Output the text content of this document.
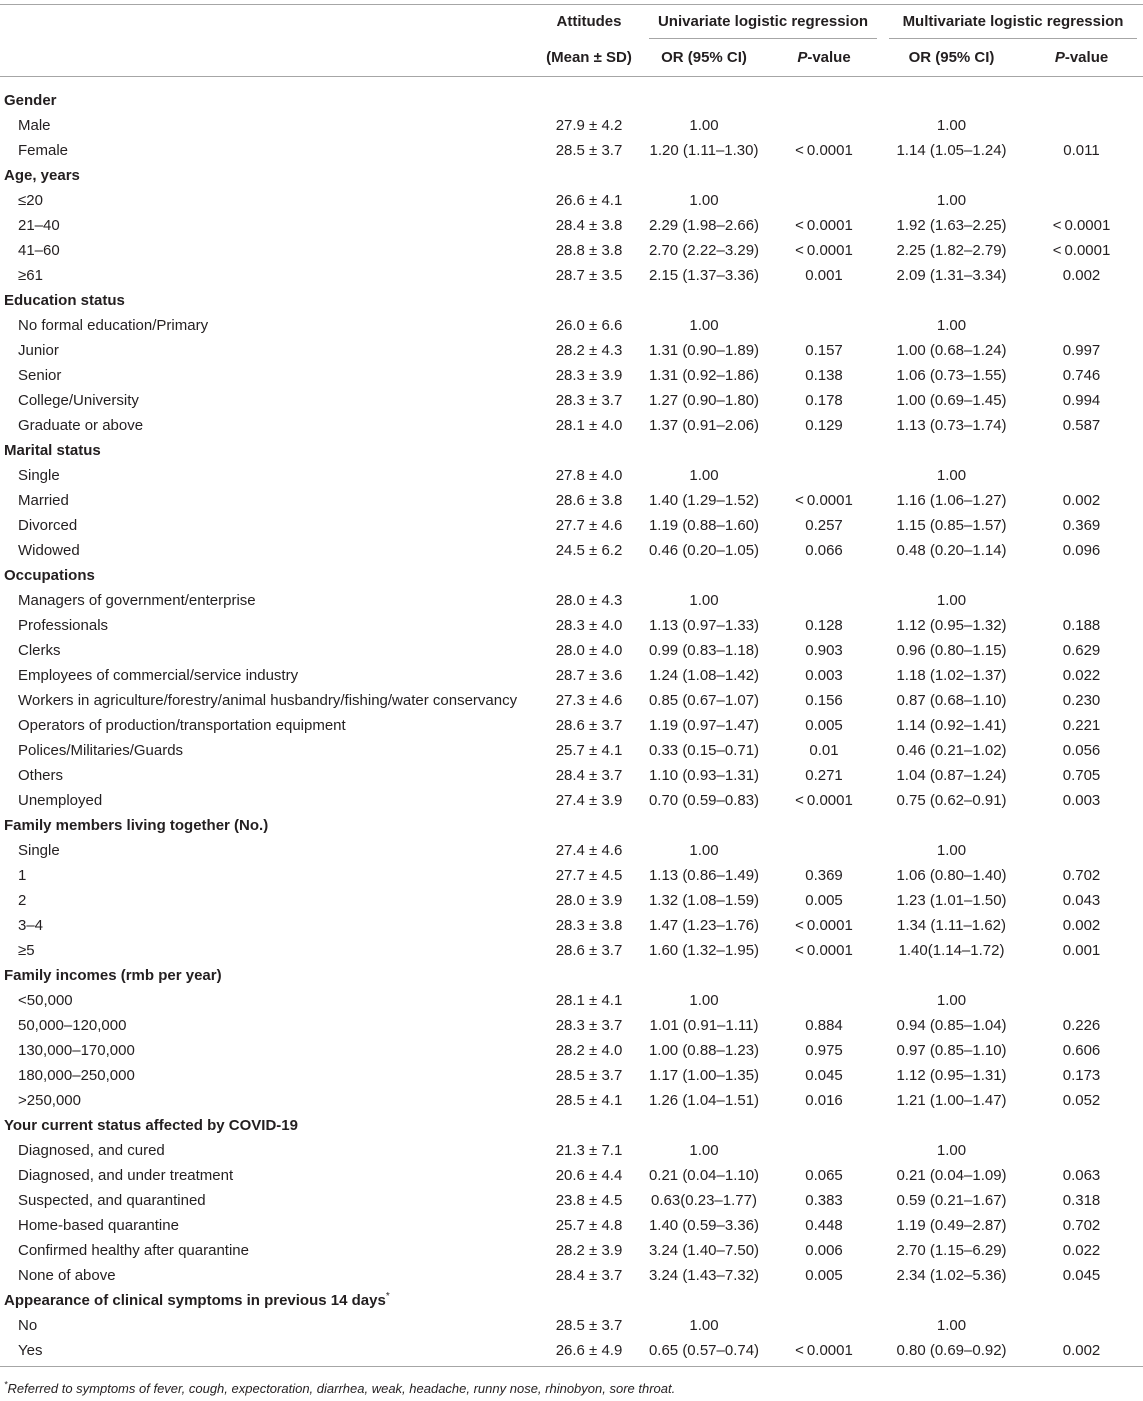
	Attitudes	Univariate logistic regression		Multivariate logistic regression	
	(Mean ± SD)	OR (95% CI)	P-value	OR (95% CI)	P-value

Gender					
Male	27.9 ± 4.2	1.00		1.00	
Female	28.5 ± 3.7	1.20 (1.11–1.30)	< 0.0001	1.14 (1.05–1.24)	0.011
Age, years					
≤20	26.6 ± 4.1	1.00		1.00	
21–40	28.4 ± 3.8	2.29 (1.98–2.66)	< 0.0001	1.92 (1.63–2.25)	< 0.0001
41–60	28.8 ± 3.8	2.70 (2.22–3.29)	< 0.0001	2.25 (1.82–2.79)	< 0.0001
≥61	28.7 ± 3.5	2.15 (1.37–3.36)	0.001	2.09 (1.31–3.34)	0.002
Education status					
No formal education/Primary	26.0 ± 6.6	1.00		1.00	
Junior	28.2 ± 4.3	1.31 (0.90–1.89)	0.157	1.00 (0.68–1.24)	0.997
Senior	28.3 ± 3.9	1.31 (0.92–1.86)	0.138	1.06 (0.73–1.55)	0.746
College/University	28.3 ± 3.7	1.27 (0.90–1.80)	0.178	1.00 (0.69–1.45)	0.994
Graduate or above	28.1 ± 4.0	1.37 (0.91–2.06)	0.129	1.13 (0.73–1.74)	0.587
Marital status					
Single	27.8 ± 4.0	1.00		1.00	
Married	28.6 ± 3.8	1.40 (1.29–1.52)	< 0.0001	1.16 (1.06–1.27)	0.002
Divorced	27.7 ± 4.6	1.19 (0.88–1.60)	0.257	1.15 (0.85–1.57)	0.369
Widowed	24.5 ± 6.2	0.46 (0.20–1.05)	0.066	0.48 (0.20–1.14)	0.096
Occupations					
Managers of government/enterprise	28.0 ± 4.3	1.00		1.00	
Professionals	28.3 ± 4.0	1.13 (0.97–1.33)	0.128	1.12 (0.95–1.32)	0.188
Clerks	28.0 ± 4.0	0.99 (0.83–1.18)	0.903	0.96 (0.80–1.15)	0.629
Employees of commercial/service industry	28.7 ± 3.6	1.24 (1.08–1.42)	0.003	1.18 (1.02–1.37)	0.022
Workers in agriculture/forestry/animal husbandry/fishing/water conservancy	27.3 ± 4.6	0.85 (0.67–1.07)	0.156	0.87 (0.68–1.10)	0.230
Operators of production/transportation equipment	28.6 ± 3.7	1.19 (0.97–1.47)	0.005	1.14 (0.92–1.41)	0.221
Polices/Militaries/Guards	25.7 ± 4.1	0.33 (0.15–0.71)	0.01	0.46 (0.21–1.02)	0.056
Others	28.4 ± 3.7	1.10 (0.93–1.31)	0.271	1.04 (0.87–1.24)	0.705
Unemployed	27.4 ± 3.9	0.70 (0.59–0.83)	< 0.0001	0.75 (0.62–0.91)	0.003
Family members living together (No.)					
Single	27.4 ± 4.6	1.00		1.00	
1	27.7 ± 4.5	1.13 (0.86–1.49)	0.369	1.06 (0.80–1.40)	0.702
2	28.0 ± 3.9	1.32 (1.08–1.59)	0.005	1.23 (1.01–1.50)	0.043
3–4	28.3 ± 3.8	1.47 (1.23–1.76)	< 0.0001	1.34 (1.11–1.62)	0.002
≥5	28.6 ± 3.7	1.60 (1.32–1.95)	< 0.0001	1.40(1.14–1.72)	0.001
Family incomes (rmb per year)					
<50,000	28.1 ± 4.1	1.00		1.00	
50,000–120,000	28.3 ± 3.7	1.01 (0.91–1.11)	0.884	0.94 (0.85–1.04)	0.226
130,000–170,000	28.2 ± 4.0	1.00 (0.88–1.23)	0.975	0.97 (0.85–1.10)	0.606
180,000–250,000	28.5 ± 3.7	1.17 (1.00–1.35)	0.045	1.12 (0.95–1.31)	0.173
>250,000	28.5 ± 4.1	1.26 (1.04–1.51)	0.016	1.21 (1.00–1.47)	0.052
Your current status affected by COVID-19					
Diagnosed, and cured	21.3 ± 7.1	1.00		1.00	
Diagnosed, and under treatment	20.6 ± 4.4	0.21 (0.04–1.10)	0.065	0.21 (0.04–1.09)	0.063
Suspected, and quarantined	23.8 ± 4.5	0.63(0.23–1.77)	0.383	0.59 (0.21–1.67)	0.318
Home-based quarantine	25.7 ± 4.8	1.40 (0.59–3.36)	0.448	1.19 (0.49–2.87)	0.702
Confirmed healthy after quarantine	28.2 ± 3.9	3.24 (1.40–7.50)	0.006	2.70 (1.15–6.29)	0.022
None of above	28.4 ± 3.7	3.24 (1.43–7.32)	0.005	2.34 (1.02–5.36)	0.045
Appearance of clinical symptoms in previous 14 days*
No	28.5 ± 3.7	1.00		1.00	
Yes	26.6 ± 4.9	0.65 (0.57–0.74)	< 0.0001	0.80 (0.69–0.92)	0.002
*Referred to symptoms of fever, cough, expectoration, diarrhea, weak, headache, runny nose, rhinobyon, sore throat.
